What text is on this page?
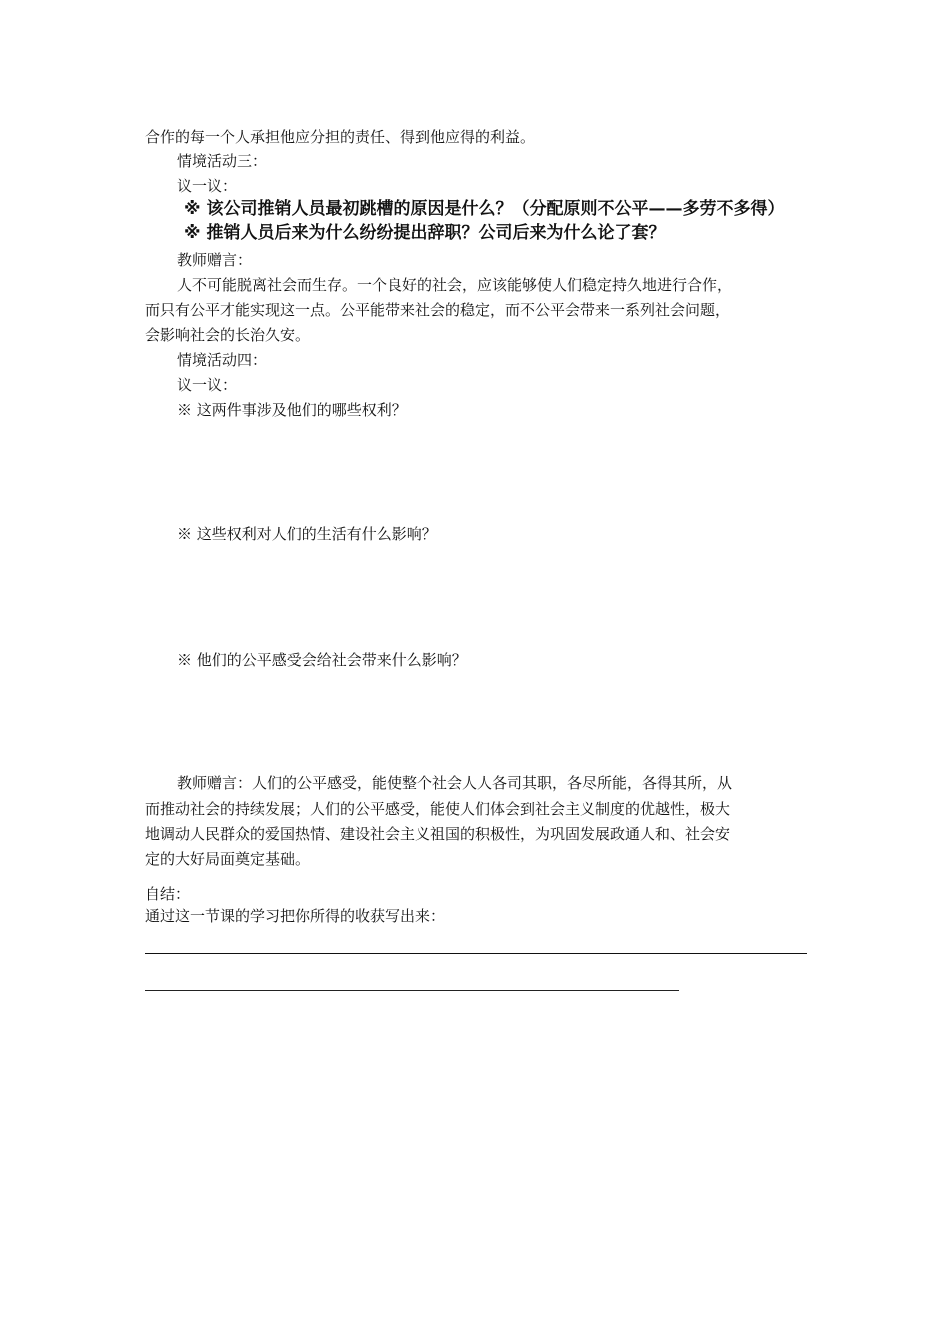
合作的每一个人承担他应分担的责任、得到他应得的利益。

情境活动三：

议一议：

※ 该公司推销人员最初跳槽的原因是什么？（分配原则不公平——多劳不多得）

※ 推销人员后来为什么纷纷提出辞职？公司后来为什么论了套？

教师赠言：

人不可能脱离社会而生存。一个良好的社会，应该能够使人们稳定持久地进行合作，

而只有公平才能实现这一点。公平能带来社会的稳定，而不公平会带来一系列社会问题，

会影响社会的长治久安。

情境活动四：

议一议：

※ 这两件事涉及他们的哪些权利？

※ 这些权利对人们的生活有什么影响？

※ 他们的公平感受会给社会带来什么影响？

教师赠言：人们的公平感受，能使整个社会人人各司其职，各尽所能，各得其所，从

而推动社会的持续发展；人们的公平感受，能使人们体会到社会主义制度的优越性，极大

地调动人民群众的爱国热情、建设社会主义祖国的积极性，为巩固发展政通人和、社会安

定的大好局面奠定基础。

自结：

通过这一节课的学习把你所得的收获写出来：
